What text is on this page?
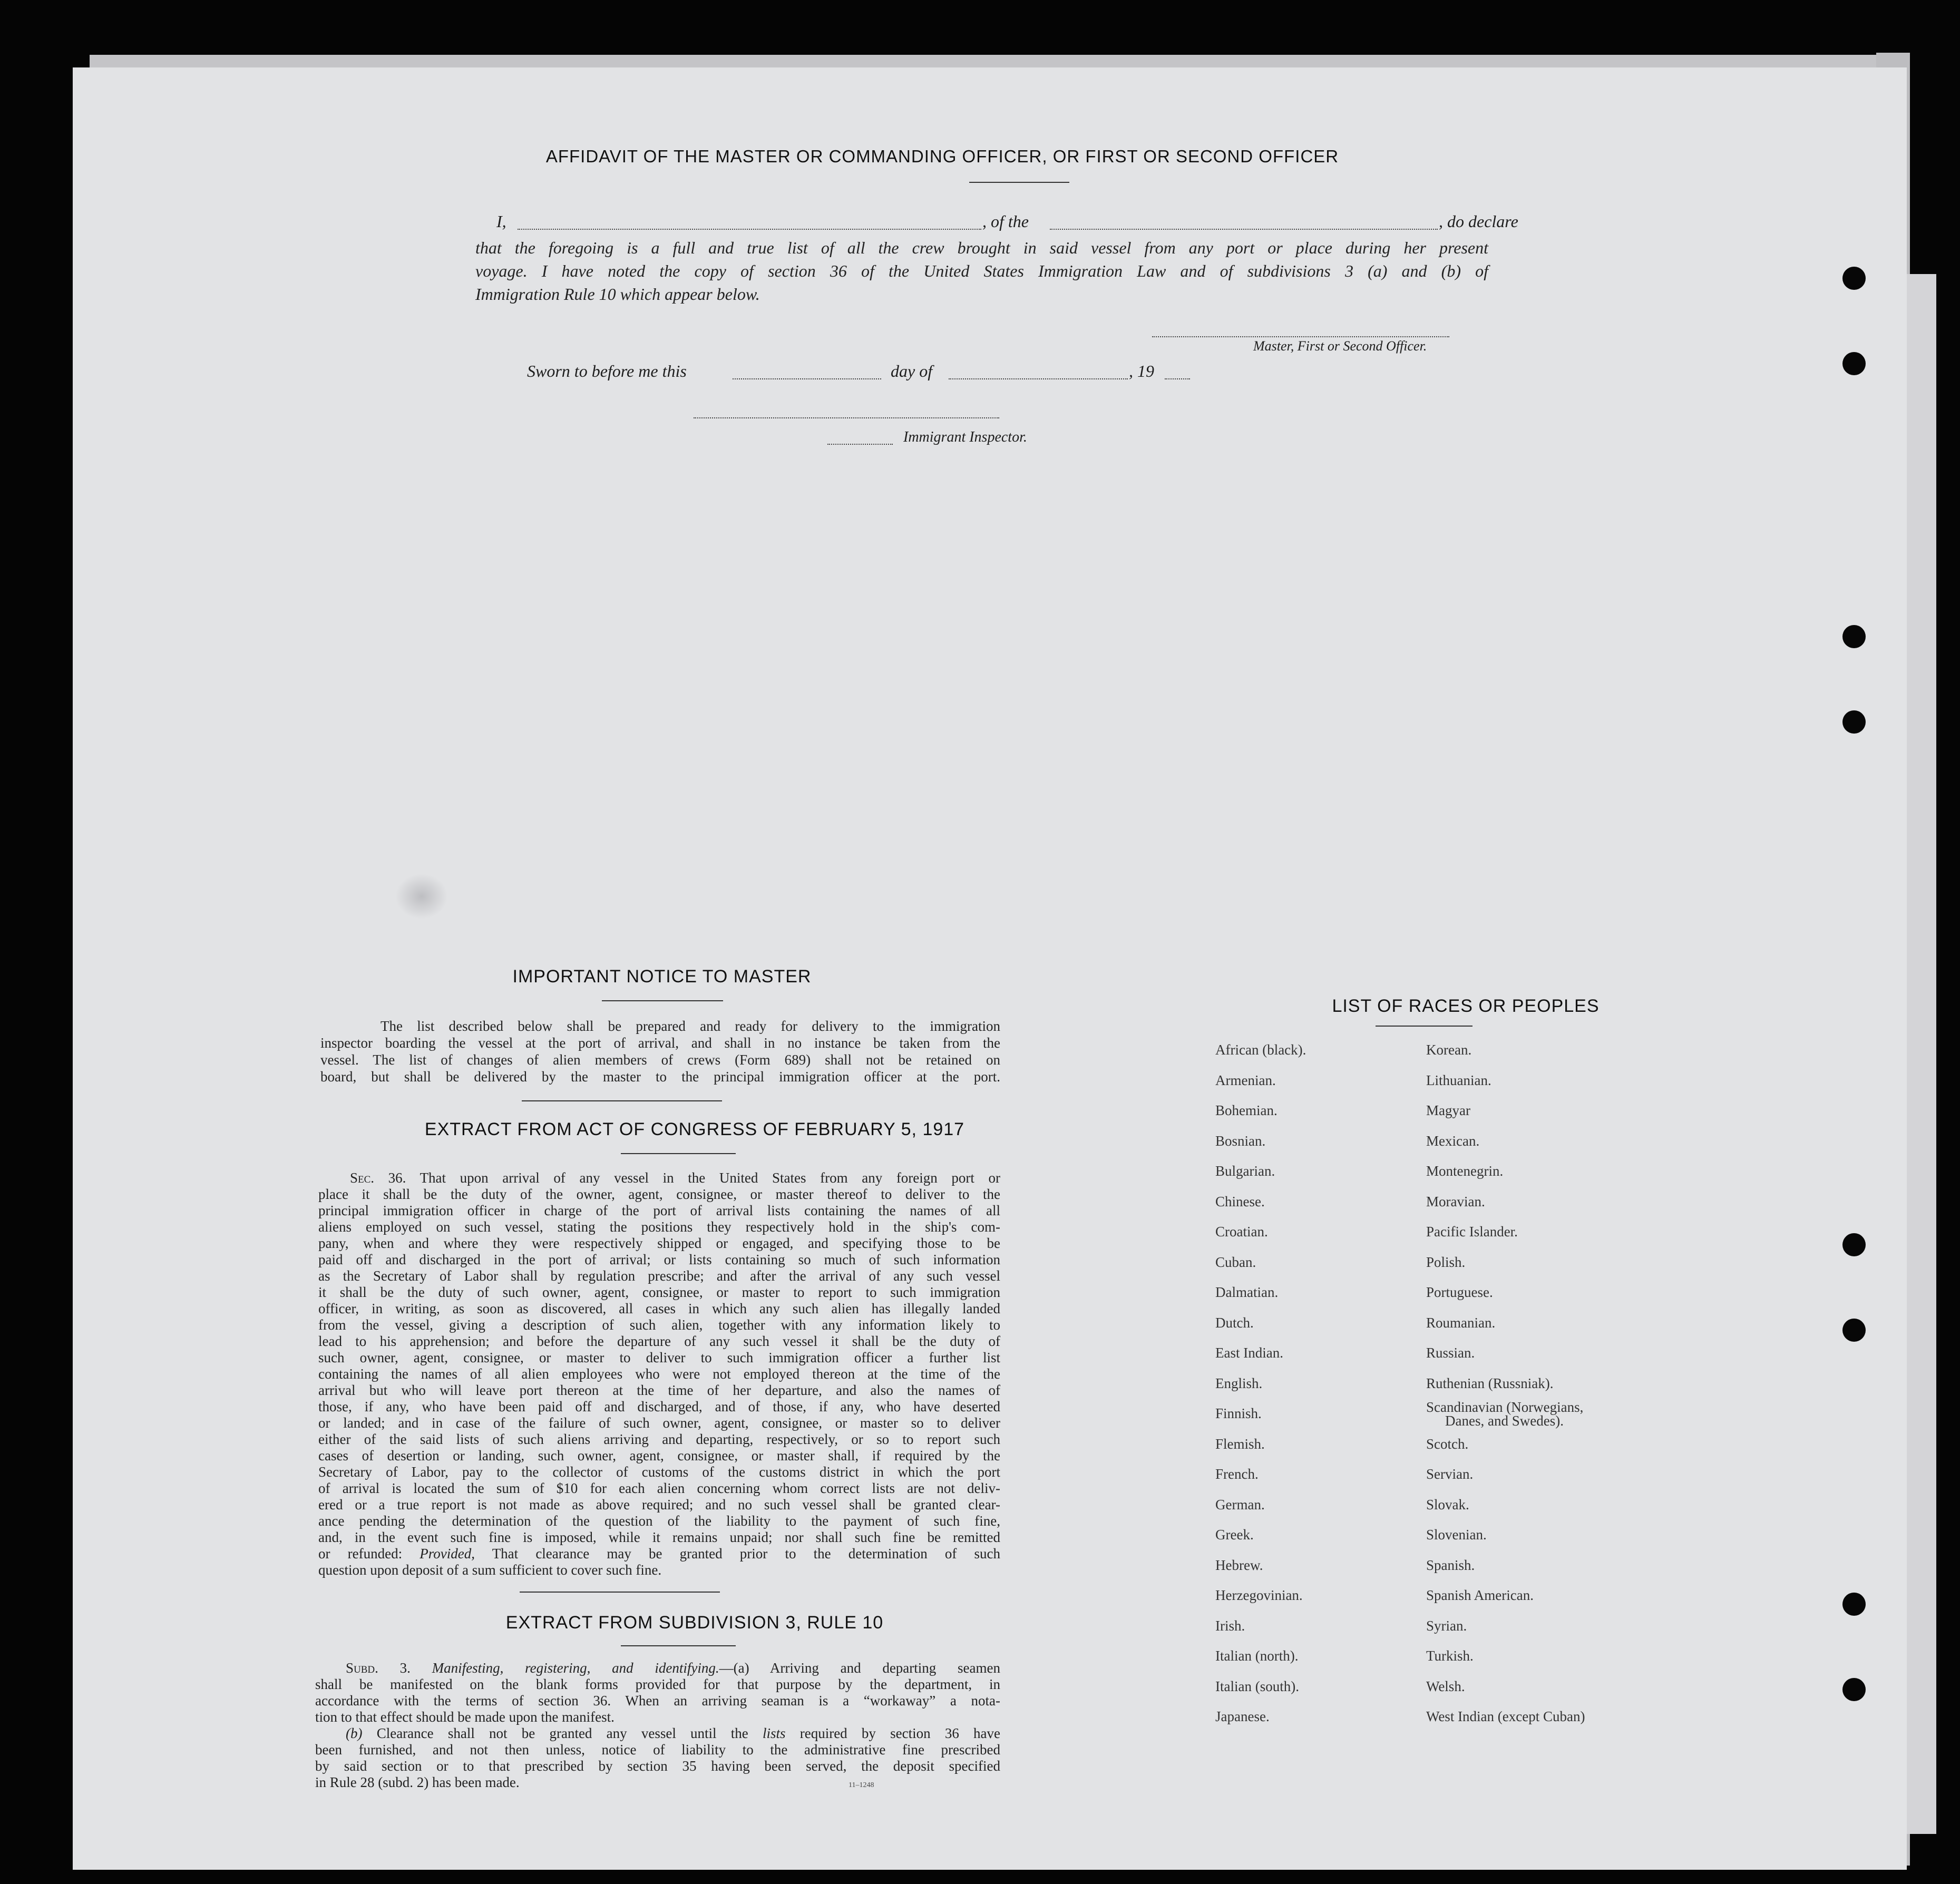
AFFIDAVIT OF THE MASTER OR COMMANDING OFFICER, OR FIRST OR SECOND OFFICER
I,	, of the	, do declare

that the foregoing is a full and true list of all the crew brought in said vessel from any port or place during her present

voyage. I have noted the copy of section 36 of the United States Immigration Law and of subdivisions 3 (a) and (b) of

Immigration Rule 10 which appear below.

Master, First or Second Officer.
Sworn to before me this	day of	, 19
Immigrant Inspector.
IMPORTANT NOTICE TO MASTER

The list described below shall be prepared and ready for delivery to the immigration

inspector boarding the vessel at the port of arrival, and shall in no instance be taken from the

vessel. The list of changes of alien members of crews (Form 689) shall not be retained on

board, but shall be delivered by the master to the principal immigration officer at the port.

EXTRACT FROM ACT OF CONGRESS OF FEBRUARY 5, 1917

Sec. 36. That upon arrival of any vessel in the United States from any foreign port or

place it shall be the duty of the owner, agent, consignee, or master thereof to deliver to the

principal immigration officer in charge of the port of arrival lists containing the names of all

aliens employed on such vessel, stating the positions they respectively hold in the ship's com-

pany, when and where they were respectively shipped or engaged, and specifying those to be

paid off and discharged in the port of arrival; or lists containing so much of such information

as the Secretary of Labor shall by regulation prescribe; and after the arrival of any such vessel

it shall be the duty of such owner, agent, consignee, or master to report to such immigration

officer, in writing, as soon as discovered, all cases in which any such alien has illegally landed

from the vessel, giving a description of such alien, together with any information likely to

lead to his apprehension; and before the departure of any such vessel it shall be the duty of

such owner, agent, consignee, or master to deliver to such immigration officer a further list

containing the names of all alien employees who were not employed thereon at the time of the

arrival but who will leave port thereon at the time of her departure, and also the names of

those, if any, who have been paid off and discharged, and of those, if any, who have deserted

or landed; and in case of the failure of such owner, agent, consignee, or master so to deliver

either of the said lists of such aliens arriving and departing, respectively, or so to report such

cases of desertion or landing, such owner, agent, consignee, or master shall, if required by the

Secretary of Labor, pay to the collector of customs of the customs district in which the port

of arrival is located the sum of $10 for each alien concerning whom correct lists are not deliv-

ered or a true report is not made as above required; and no such vessel shall be granted clear-

ance pending the determination of the question of the liability to the payment of such fine,

and, in the event such fine is imposed, while it remains unpaid; nor shall such fine be remitted

or refunded: Provided, That clearance may be granted prior to the determination of such

question upon deposit of a sum sufficient to cover such fine.

EXTRACT FROM SUBDIVISION 3, RULE 10

Subd. 3. Manifesting, registering, and identifying.—(a) Arriving and departing seamen

shall be manifested on the blank forms provided for that purpose by the department, in

accordance with the terms of section 36. When an arriving seaman is a “workaway” a nota-

tion to that effect should be made upon the manifest.

(b) Clearance shall not be granted any vessel until the lists required by section 36 have

been furnished, and not then unless, notice of liability to the administrative fine prescribed

by said section or to that prescribed by section 35 having been served, the deposit specified

in Rule 28 (subd. 2) has been made.	11–1248
LIST OF RACES OR PEOPLES
African (black).
Armenian.
Bohemian.
Bosnian.
Bulgarian.
Chinese.
Croatian.
Cuban.
Dalmatian.
Dutch.
East Indian.
English.
Finnish.
Flemish.
French.
German.
Greek.
Hebrew.
Herzegovinian.
Irish.
Italian (north).
Italian (south).
Japanese.
Korean.
Lithuanian.
Magyar
Mexican.
Montenegrin.
Moravian.
Pacific Islander.
Polish.
Portuguese.
Roumanian.
Russian.
Ruthenian (Russniak).
Scandinavian (Norwegians,
Danes, and Swedes).
Scotch.
Servian.
Slovak.
Slovenian.
Spanish.
Spanish American.
Syrian.
Turkish.
Welsh.
West Indian (except Cuban)
